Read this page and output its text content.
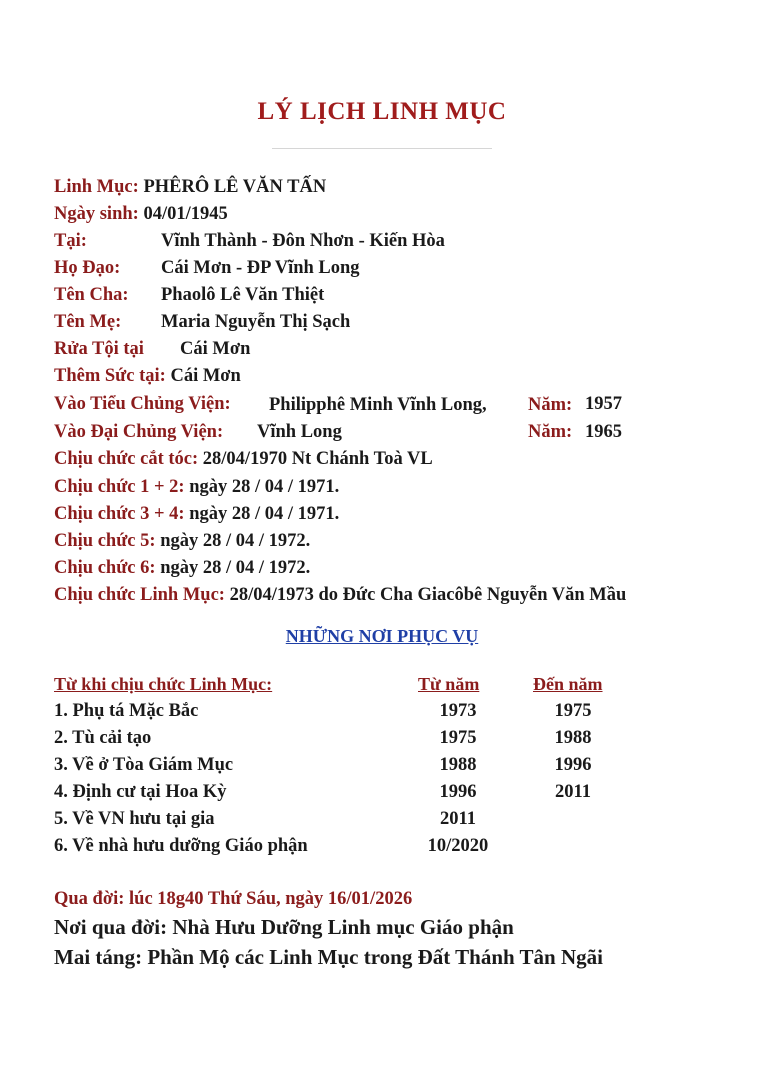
LÝ LỊCH LINH MỤC
Linh Mục: PHÊRÔ LÊ VĂN TẤN
Ngày sinh: 04/01/1945
Tại:	Vĩnh Thành - Đôn Nhơn - Kiến Hòa
Họ Đạo: Cái Mơn - ĐP Vĩnh Long
Tên Cha: Phaolô Lê Văn Thiệt
Tên Mẹ: Maria Nguyễn Thị Sạch
Rửa Tội tại Cái Mơn
Thêm Sức tại: Cái Mơn
Vào Tiểu Chủng Viện: Philipphê Minh Vĩnh Long, Năm: 1957
Vào Đại Chủng Viện: Vĩnh Long	Năm: 1965
Chịu chức cắt tóc: 28/04/1970 Nt Chánh Toà VL
Chịu chức 1 + 2: ngày 28 / 04 / 1971.
Chịu chức 3 + 4: ngày 28 / 04 / 1971.
Chịu chức 5: ngày 28 / 04 / 1972.
Chịu chức 6: ngày 28 / 04 / 1972.
Chịu chức Linh Mục: 28/04/1973 do Đức Cha Giacôbê Nguyễn Văn Mầu
NHỮNG NƠI PHỤC VỤ
Từ khi chịu chức Linh Mục:	Từ năm	Đến năm
1. Phụ tá Mặc Bắc	1973	1975
2. Tù cải tạo	1975	1988
3. Về ở Tòa Giám Mục	1988	1996
4. Định cư tại Hoa Kỳ	1996	2011
5. Về VN hưu tại gia	2011
6. Về nhà hưu dưỡng Giáo phận	10/2020
Qua đời: lúc 18g40 Thứ Sáu, ngày 16/01/2026
Nơi qua đời: Nhà Hưu Dưỡng Linh mục Giáo phận
Mai táng: Phần Mộ các Linh Mục trong Đất Thánh Tân Ngãi
